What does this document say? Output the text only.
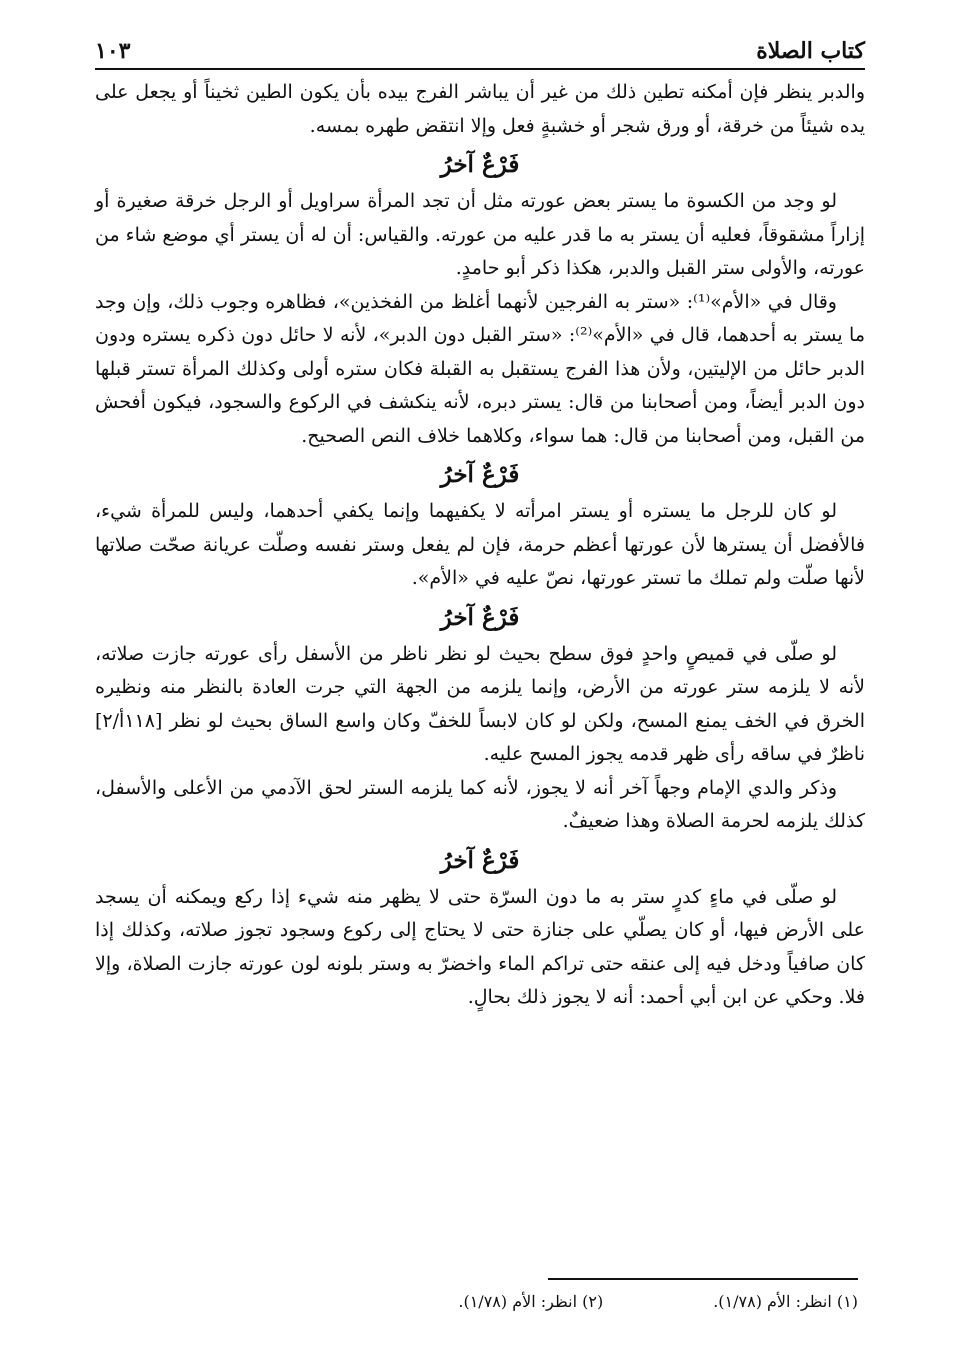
كتاب الصلاة
١٠٣

والدبر ينظر فإن أمكنه تطين ذلك من غير أن يباشر الفرج بيده بأن يكون الطين ثخيناً أو يجعل على يده شيئاً من خرقة، أو ورق شجر أو خشبةٍ فعل وإلا انتقض طهره بمسه.

فَرْعٌ آخرُ

لو وجد من الكسوة ما يستر بعض عورته مثل أن تجد المرأة سراويل أو الرجل خرقة صغيرة أو إزاراً مشقوقاً، فعليه أن يستر به ما قدر عليه من عورته. والقياس: أن له أن يستر أي موضع شاء من عورته، والأولى ستر القبل والدبر، هكذا ذكر أبو حامدٍ.

وقال في «الأم»⁽¹⁾: «ستر به الفرجين لأنهما أغلظ من الفخذين»، فظاهره وجوب ذلك، وإن وجد ما يستر به أحدهما، قال في «الأم»⁽²⁾: «ستر القبل دون الدبر»، لأنه لا حائل دون ذكره يستره ودون الدبر حائل من الإليتين، ولأن هذا الفرج يستقبل به القبلة فكان ستره أولى وكذلك المرأة تستر قبلها دون الدبر أيضاً، ومن أصحابنا من قال: يستر دبره، لأنه ينكشف في الركوع والسجود، فيكون أفحش من القبل، ومن أصحابنا من قال: هما سواء، وكلاهما خلاف النص الصحيح.

فَرْعٌ آخرُ

لو كان للرجل ما يستره أو يستر امرأته لا يكفيهما وإنما يكفي أحدهما، وليس للمرأة شيء، فالأفضل أن يسترها لأن عورتها أعظم حرمة، فإن لم يفعل وستر نفسه وصلّت عريانة صحّت صلاتها لأنها صلّت ولم تملك ما تستر عورتها، نصّ عليه في «الأم».

فَرْعٌ آخرُ

لو صلّى في قميصٍ واحدٍ فوق سطح بحيث لو نظر ناظر من الأسفل رأى عورته جازت صلاته، لأنه لا يلزمه ستر عورته من الأرض، وإنما يلزمه من الجهة التي جرت العادة بالنظر منه ونظيره الخرق في الخف يمنع المسح، ولكن لو كان لابساً للخفّ وكان واسع الساق بحيث لو نظر [١١٨أ/٢] ناظرٌ في ساقه رأى ظهر قدمه يجوز المسح عليه.

وذكر والدي الإمام وجهاً آخر أنه لا يجوز، لأنه كما يلزمه الستر لحق الآدمي من الأعلى والأسفل، كذلك يلزمه لحرمة الصلاة وهذا ضعيفٌ.

فَرْعٌ آخرُ

لو صلّى في ماءٍ كدرٍ ستر به ما دون السرّة حتى لا يظهر منه شيء إذا ركع ويمكنه أن يسجد على الأرض فيها، أو كان يصلّي على جنازة حتى لا يحتاج إلى ركوع وسجود تجوز صلاته، وكذلك إذا كان صافياً ودخل فيه إلى عنقه حتى تراكم الماء واخضرّ به وستر بلونه لون عورته جازت الصلاة، وإلا فلا. وحكي عن ابن أبي أحمد: أنه لا يجوز ذلك بحالٍ.

(١) انظر: الأم (١/٧٨).
(٢) انظر: الأم (١/٧٨).
